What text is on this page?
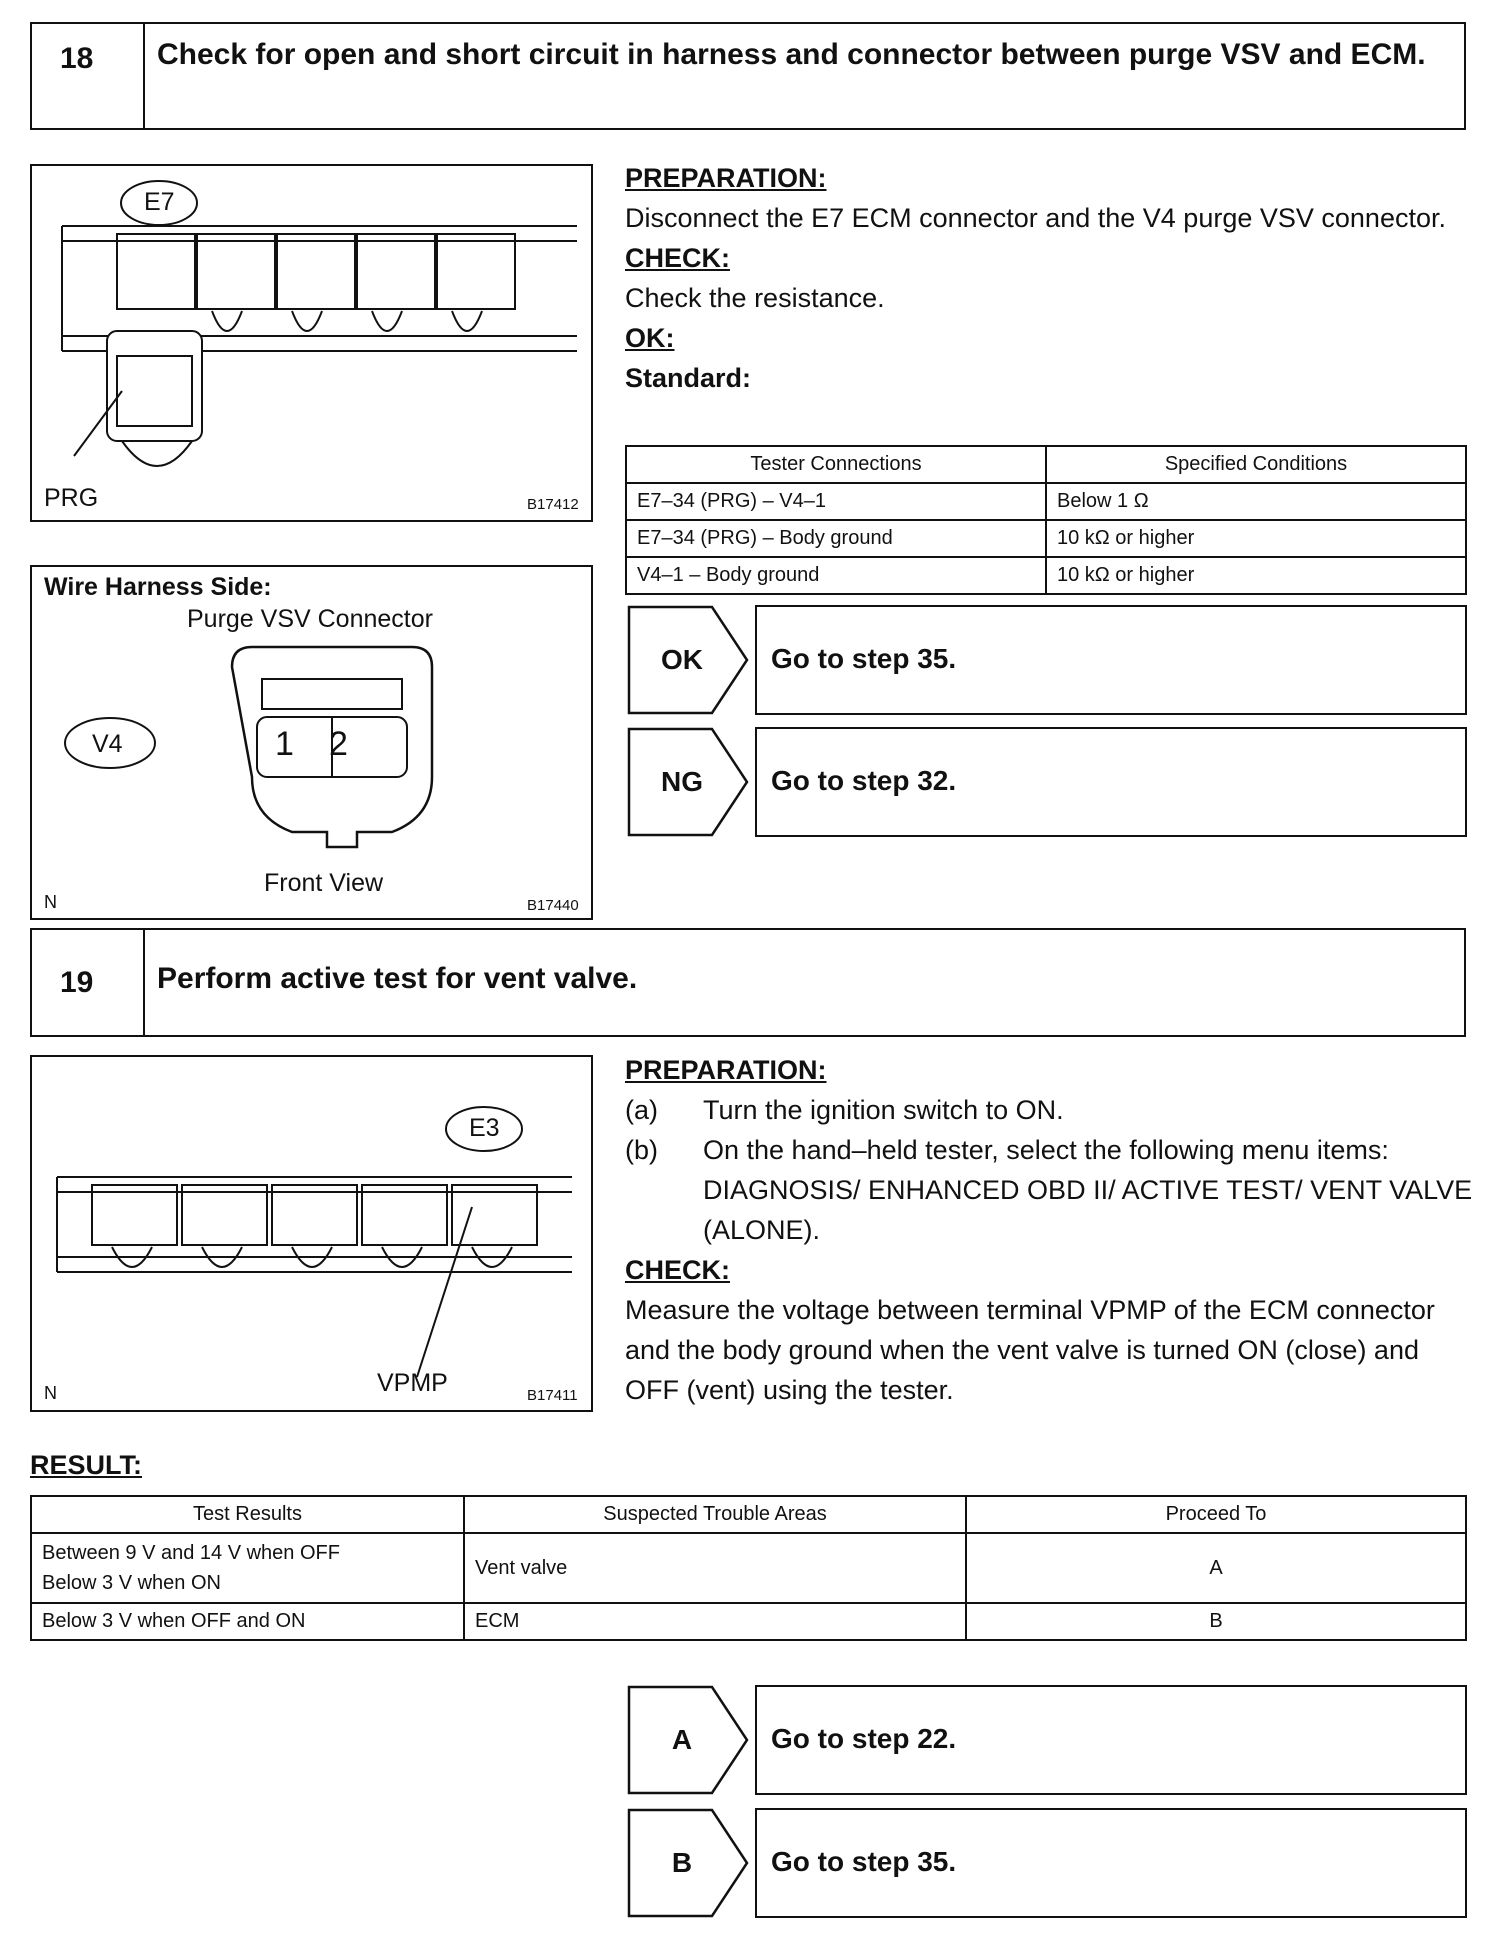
18	Check for open and short circuit in harness and connector between purge VSV and ECM.
E7
PRG	B17412
Wire Harness Side:
Purge VSV Connector
V4	1 2
Front View
N	B17440
PREPARATION:
Disconnect the E7 ECM connector and the V4 purge VSV connector.
CHECK:
Check the resistance.
OK:
Standard:
Tester Connections	Specified Conditions
E7–34 (PRG) – V4–1	Below 1 Ω
E7–34 (PRG) – Body ground	10 kΩ or higher
V4–1 – Body ground	10 kΩ or higher
OK	Go to step 35.
NG	Go to step 32.
19	Perform active test for vent valve.
E3
VPMP
N	B17411
PREPARATION:
(a)	Turn the ignition switch to ON.
(b)	On the hand–held tester, select the following menu items: DIAGNOSIS/ ENHANCED OBD II/ ACTIVE TEST/ VENT VALVE (ALONE).
CHECK:
Measure the voltage between terminal VPMP of the ECM connector and the body ground when the vent valve is turned ON (close) and OFF (vent) using the tester.
RESULT:
Test Results	Suspected Trouble Areas	Proceed To

Between 9 V and 14 V when OFF
Below 3 V when ON	Vent valve	A
Below 3 V when OFF and ON	ECM	B
A	Go to step 22.
B	Go to step 35.
